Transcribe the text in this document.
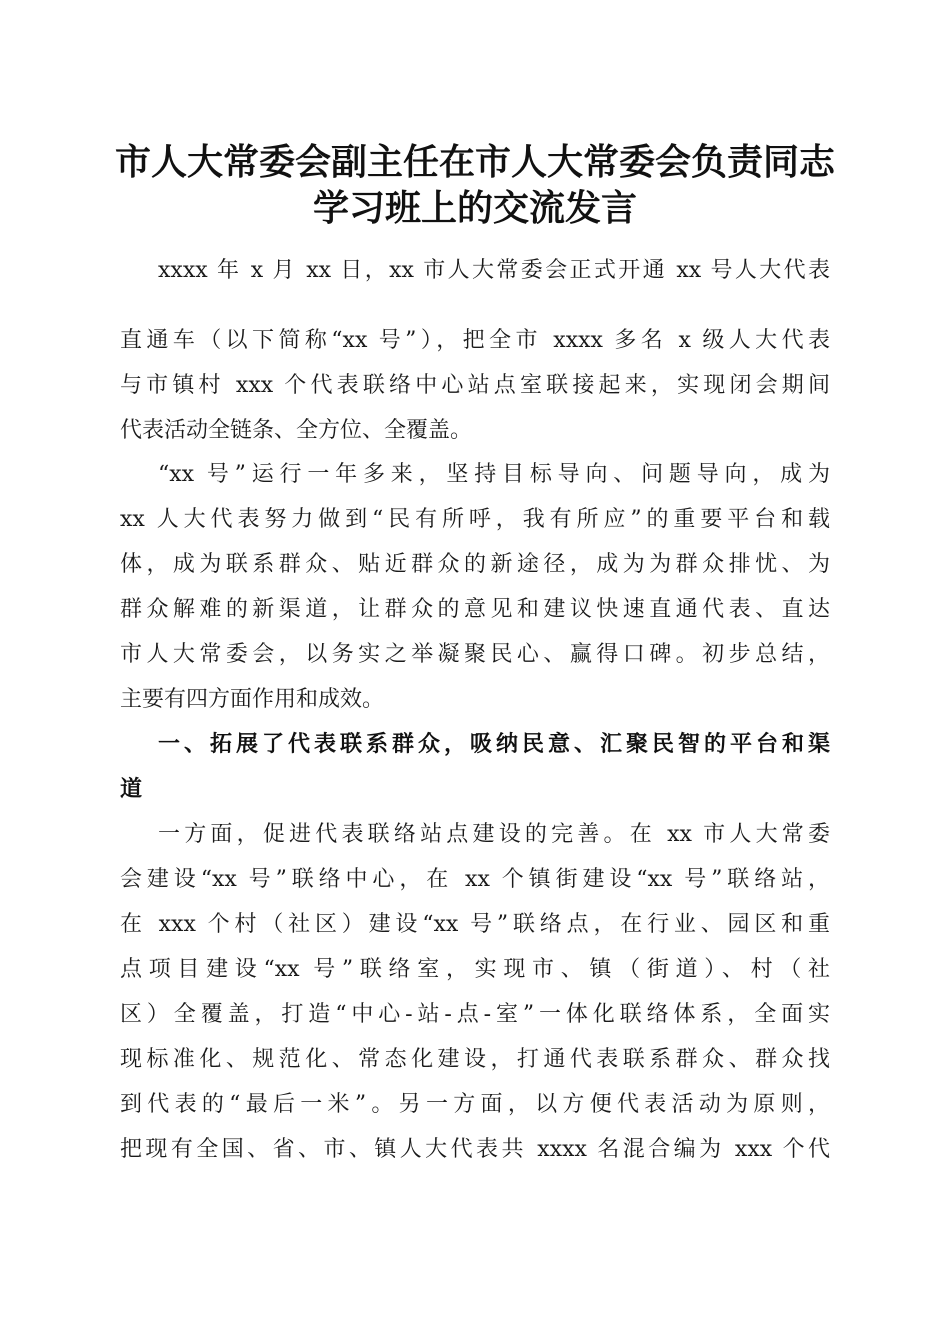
市人大常委会副主任在市人大常委会负责同志
学习班上的交流发言
xxxx 年 x 月 xx 日，xx 市人大常委会正式开通 xx 号人大代表
直通车（以下简称“xx 号”），把全市 xxxx 多名 x 级人大代表
与市镇村 xxx 个代表联络中心站点室联接起来，实现闭会期间
代表活动全链条、全方位、全覆盖。
“xx 号”运行一年多来，坚持目标导向、问题导向，成为
xx 人大代表努力做到“民有所呼，我有所应”的重要平台和载
体，成为联系群众、贴近群众的新途径，成为为群众排忧、为
群众解难的新渠道，让群众的意见和建议快速直通代表、直达
市人大常委会，以务实之举凝聚民心、赢得口碑。初步总结，
主要有四方面作用和成效。
一、拓展了代表联系群众，吸纳民意、汇聚民智的平台和渠
道
一方面，促进代表联络站点建设的完善。在 xx 市人大常委
会建设“xx 号”联络中心，在 xx 个镇街建设“xx 号”联络站，
在 xxx 个村（社区）建设“xx 号”联络点，在行业、园区和重
点项目建设“xx 号”联络室，实现市、镇（街道）、村（社
区）全覆盖，打造“中心-站-点-室”一体化联络体系，全面实
现标准化、规范化、常态化建设，打通代表联系群众、群众找
到代表的“最后一米”。另一方面，以方便代表活动为原则，
把现有全国、省、市、镇人大代表共 xxxx 名混合编为 xxx 个代
